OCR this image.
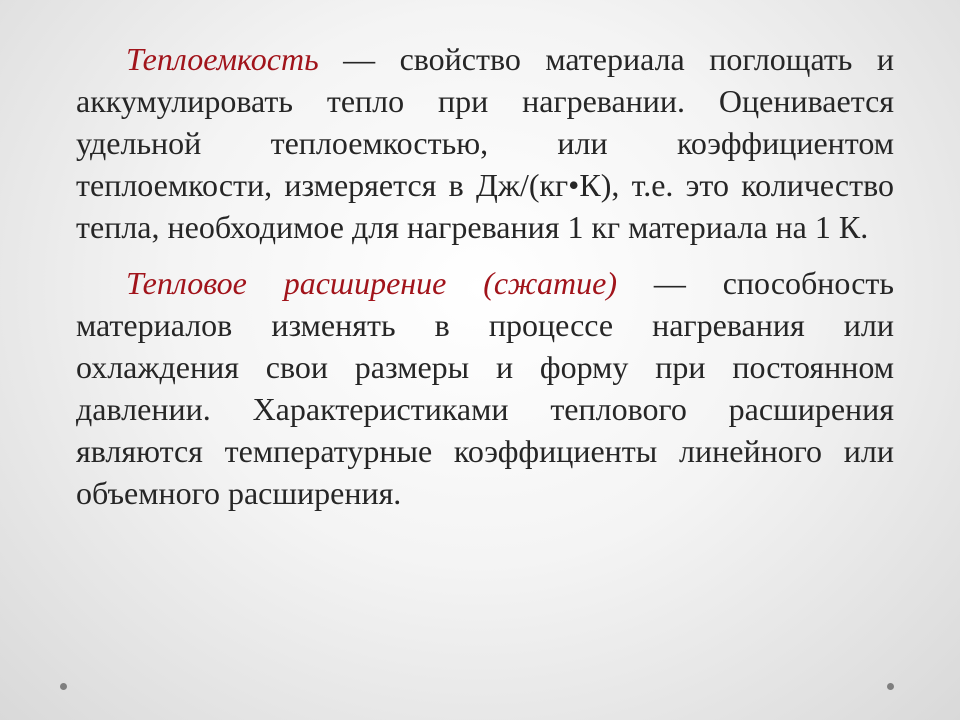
Теплоемкость — свойство материала поглощать и аккумулировать тепло при нагревании. Оценивается удельной теплоемкостью, или коэффициентом теплоемкости, измеряется в Дж/(кг•К), т.е. это количество тепла, необходимое для нагревания 1 кг материала на 1 К.

Тепловое расширение (сжатие) — способность материалов изменять в процессе нагревания или охлаждения свои размеры и форму при постоянном давлении. Характеристиками теплового расширения являются температурные коэффициенты линейного или объемного расширения.
